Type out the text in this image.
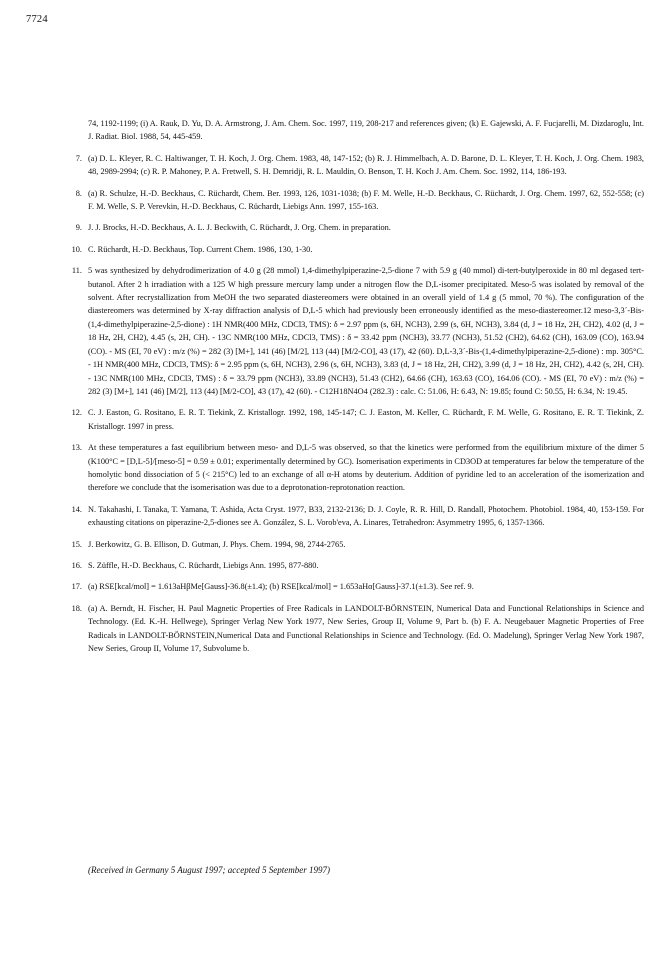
7724
74, 1192-1199; (i) A. Rauk, D. Yu, D. A. Armstrong, J. Am. Chem. Soc. 1997, 119, 208-217 and references given; (k) E. Gajewski, A. F. Fucjarelli, M. Dizdaroglu, Int. J. Radiat. Biol. 1988, 54, 445-459.
7. (a) D. L. Kleyer, R. C. Haltiwanger, T. H. Koch, J. Org. Chem. 1983, 48, 147-152; (b) R. J. Himmelbach, A. D. Barone, D. L. Kleyer, T. H. Koch, J. Org. Chem. 1983, 48, 2989-2994; (c) R. P. Mahoney, P. A. Fretwell, S. H. Demridji, R. L. Mauldin, O. Benson, T. H. Koch J. Am. Chem. Soc. 1992, 114, 186-193.
8. (a) R. Schulze, H.-D. Beckhaus, C. Rüchardt, Chem. Ber. 1993, 126, 1031-1038; (b) F. M. Welle, H.-D. Beckhaus, C. Rüchardt, J. Org. Chem. 1997, 62, 552-558; (c) F. M. Welle, S. P. Verevkin, H.-D. Beckhaus, C. Rüchardt, Liebigs Ann. 1997, 155-163.
9. J. J. Brocks, H.-D. Beckhaus, A. L. J. Beckwith, C. Rüchardt, J. Org. Chem. in preparation.
10. C. Rüchardt, H.-D. Beckhaus, Top. Current Chem. 1986, 130, 1-30.
11. 5 was synthesized by dehydrodimerization of 4.0 g (28 mmol) 1,4-dimethylpiperazine-2,5-dione 7 with 5.9 g (40 mmol) di-tert-butylperoxide in 80 ml degased tert-butanol. After 2 h irradiation with a 125 W high pressure mercury lamp under a nitrogen flow the D,L-isomer precipitated. Meso-5 was isolated by removal of the solvent. After recrystallization from MeOH the two separated diastereomers were obtained in an overall yield of 1.4 g (5 mmol, 70 %). The configuration of the diastereomers was determined by X-ray diffraction analysis of D,L-5 which had previously been erroneously identified as the meso-diastereomer.12 meso-3,3´-Bis-(1,4-dimethylpiperazine-2,5-dione) : 1H NMR(400 MHz, CDCl3, TMS): δ = 2.97 ppm (s, 6H, NCH3), 2.99 (s, 6H, NCH3), 3.84 (d, J = 18 Hz, 2H, CH2), 4.02 (d, J = 18 Hz, 2H, CH2), 4.45 (s, 2H, CH). - 13C NMR(100 MHz, CDCl3, TMS) : δ = 33.42 ppm (NCH3), 33.77 (NCH3), 51.52 (CH2), 64.62 (CH), 163.09 (CO), 163.94 (CO). - MS (EI, 70 eV) : m/z (%) = 282 (3) [M+], 141 (46) [M/2], 113 (44) [M/2-CO], 43 (17), 42 (60). D,L-3,3´-Bis-(1,4-dimethylpiperazine-2,5-dione) : mp. 305°C. - 1H NMR(400 MHz, CDCl3, TMS): δ = 2.95 ppm (s, 6H, NCH3), 2.96 (s, 6H, NCH3), 3.83 (d, J = 18 Hz, 2H, CH2), 3.99 (d, J = 18 Hz, 2H, CH2), 4.42 (s, 2H, CH). - 13C NMR(100 MHz, CDCl3, TMS) : δ = 33.79 ppm (NCH3), 33.89 (NCH3), 51.43 (CH2), 64.66 (CH), 163.63 (CO), 164.06 (CO). - MS (EI, 70 eV) : m/z (%) = 282 (3) [M+], 141 (46) [M/2], 113 (44) [M/2-CO], 43 (17), 42 (60). - C12H18N4O4 (282.3) : calc. C: 51.06, H: 6.43, N: 19.85; found C: 50.55, H: 6.34, N: 19.45.
12. C. J. Easton, G. Rositano, E. R. T. Tiekink, Z. Kristallogr. 1992, 198, 145-147; C. J. Easton, M. Keller, C. Rüchardt, F. M. Welle, G. Rositano, E. R. T. Tiekink, Z. Kristallogr. 1997 in press.
13. At these temperatures a fast equilibrium between meso- and D,L-5 was observed, so that the kinetics were performed from the equilibrium mixture of the dimer 5 (K100°C = [D,L-5]/[meso-5] = 0.59 ± 0.01; experimentally determined by GC). Isomerisation experiments in CD3OD at temperatures far below the temperature of the homolytic bond dissociation of 5 (< 215°C) led to an exchange of all α-H atoms by deuterium. Addition of pyridine led to an acceleration of the isomerization and therefore we conclude that the isomerisation was due to a deprotonation-reprotonation reaction.
14. N. Takahashi, I. Tanaka, T. Yamana, T. Ashida, Acta Cryst. 1977, B33, 2132-2136; D. J. Coyle, R. R. Hill, D. Randall, Photochem. Photobiol. 1984, 40, 153-159. For exhausting citations on piperazine-2,5-diones see A. González, S. L. Vorob'eva, A. Linares, Tetrahedron: Asymmetry 1995, 6, 1357-1366.
15. J. Berkowitz, G. B. Ellison, D. Gutman, J. Phys. Chem. 1994, 98, 2744-2765.
16. S. Züffle, H.-D. Beckhaus, C. Rüchardt, Liebigs Ann. 1995, 877-880.
17. (a) RSE[kcal/mol] = 1.613aHβMe[Gauss]-36.8(±1.4); (b) RSE[kcal/mol] = 1.653aHα[Gauss]-37.1(±1.3). See ref. 9.
18. (a) A. Berndt, H. Fischer, H. Paul Magnetic Properties of Free Radicals in LANDOLT-BÖRNSTEIN, Numerical Data and Functional Relationships in Science and Technology. (Ed. K.-H. Hellwege), Springer Verlag New York 1977, New Series, Group II, Volume 9, Part b. (b) F. A. Neugebauer Magnetic Properties of Free Radicals in LANDOLT-BÖRNSTEIN,Numerical Data and Functional Relationships in Science and Technology. (Ed. O. Madelung), Springer Verlag New York 1987, New Series, Group II, Volume 17, Subvolume b.
(Received in Germany 5 August 1997; accepted 5 September 1997)
